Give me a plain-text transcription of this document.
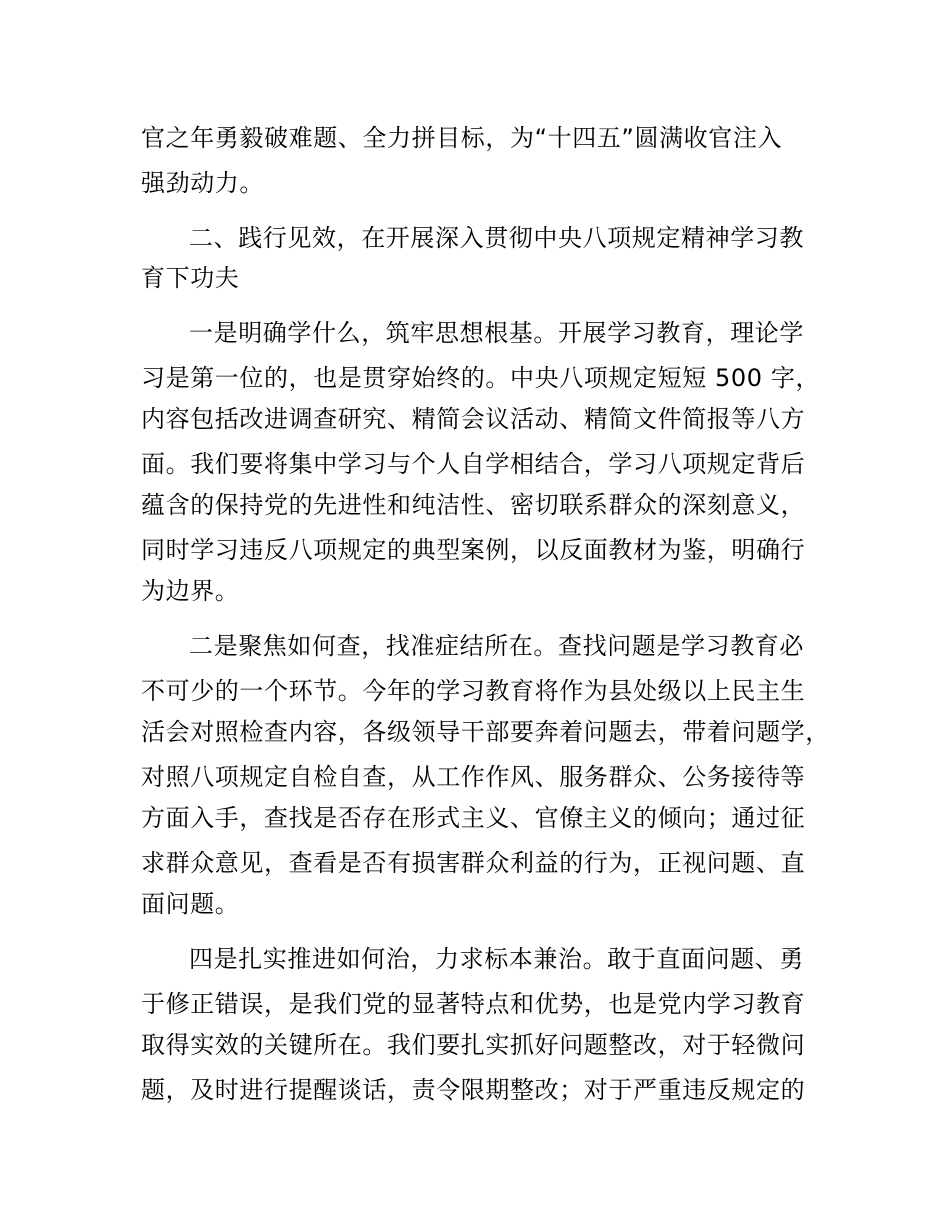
官之年勇毅破难题、全力拼目标，为“十四五”圆满收官注入
强劲动力。
二、践行见效，在开展深入贯彻中央八项规定精神学习教
育下功夫
一是明确学什么，筑牢思想根基。开展学习教育，理论学
习是第一位的，也是贯穿始终的。中央八项规定短短 500 字，
内容包括改进调查研究、精简会议活动、精简文件简报等八方
面。我们要将集中学习与个人自学相结合，学习八项规定背后
蕴含的保持党的先进性和纯洁性、密切联系群众的深刻意义，
同时学习违反八项规定的典型案例，以反面教材为鉴，明确行
为边界。
二是聚焦如何查，找准症结所在。查找问题是学习教育必
不可少的一个环节。今年的学习教育将作为县处级以上民主生
活会对照检查内容，各级领导干部要奔着问题去，带着问题学，
对照八项规定自检自查，从工作作风、服务群众、公务接待等
方面入手，查找是否存在形式主义、官僚主义的倾向；通过征
求群众意见，查看是否有损害群众利益的行为，正视问题、直
面问题。
四是扎实推进如何治，力求标本兼治。敢于直面问题、勇
于修正错误，是我们党的显著特点和优势，也是党内学习教育
取得实效的关键所在。我们要扎实抓好问题整改，对于轻微问
题，及时进行提醒谈话，责令限期整改；对于严重违反规定的
